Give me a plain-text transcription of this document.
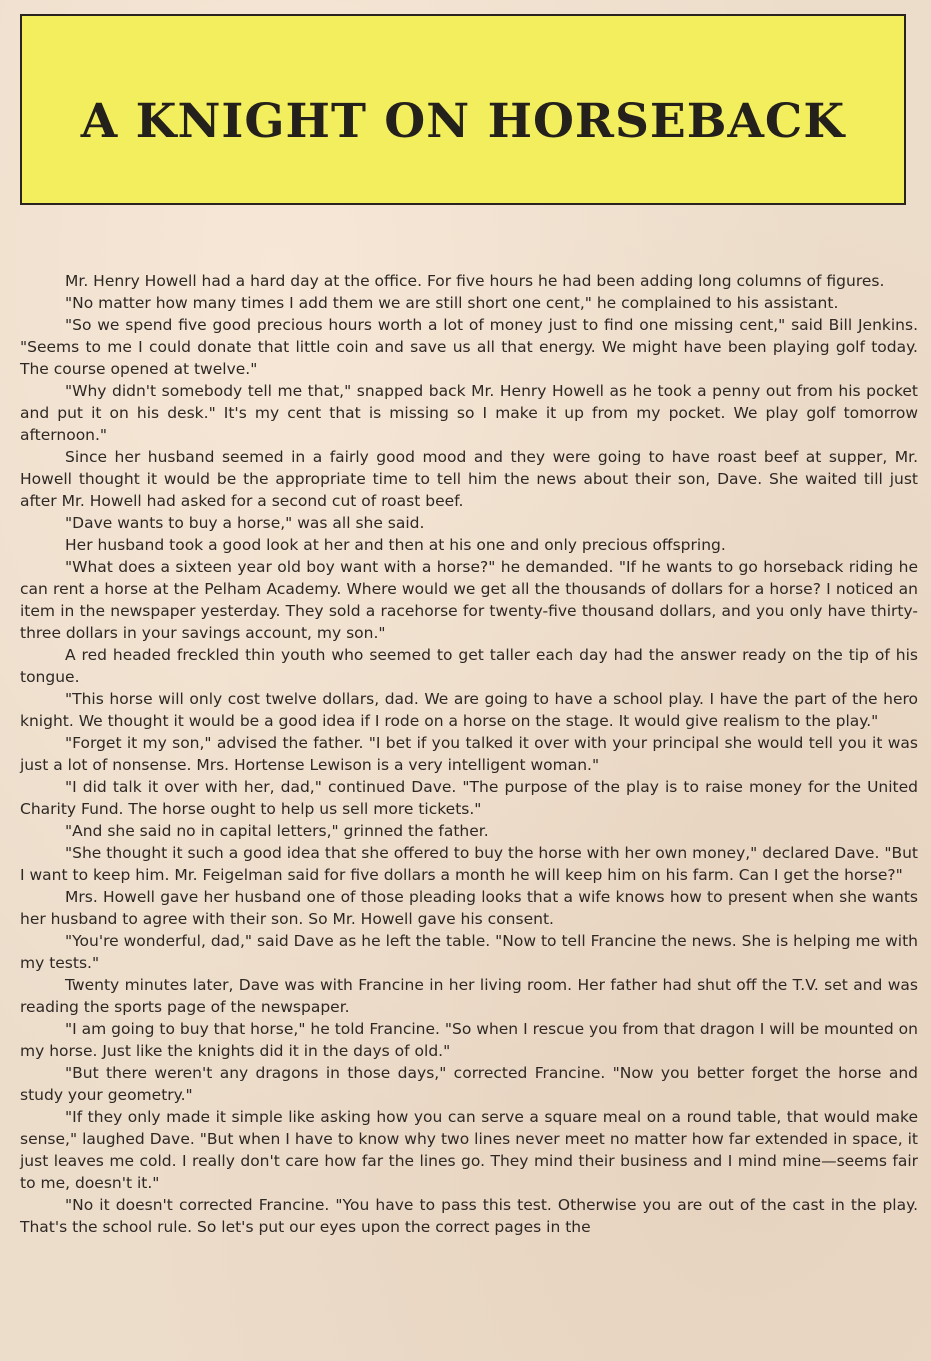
A KNIGHT ON HORSEBACK

Mr. Henry Howell had a hard day at the office. For five hours he had been adding long columns of figures.

"No matter how many times I add them we are still short one cent," he complained to his assistant.

"So we spend five good precious hours worth a lot of money just to find one missing cent," said Bill Jenkins. "Seems to me I could donate that little coin and save us all that energy. We might have been playing golf today. The course opened at twelve."

"Why didn't somebody tell me that," snapped back Mr. Henry Howell as he took a penny out from his pocket and put it on his desk." It's my cent that is missing so I make it up from my pocket. We play golf tomorrow afternoon."

Since her husband seemed in a fairly good mood and they were going to have roast beef at supper, Mr. Howell thought it would be the appropriate time to tell him the news about their son, Dave. She waited till just after Mr. Howell had asked for a second cut of roast beef.

"Dave wants to buy a horse," was all she said.

Her husband took a good look at her and then at his one and only precious offspring.

"What does a sixteen year old boy want with a horse?" he demanded. "If he wants to go horseback riding he can rent a horse at the Pelham Academy. Where would we get all the thousands of dollars for a horse? I noticed an item in the newspaper yesterday. They sold a racehorse for twenty-five thousand dollars, and you only have thirty-three dollars in your savings account, my son."

A red headed freckled thin youth who seemed to get taller each day had the answer ready on the tip of his tongue.

"This horse will only cost twelve dollars, dad. We are going to have a school play. I have the part of the hero knight. We thought it would be a good idea if I rode on a horse on the stage. It would give realism to the play."

"Forget it my son," advised the father. "I bet if you talked it over with your principal she would tell you it was just a lot of nonsense. Mrs. Hortense Lewison is a very intelligent woman."

"I did talk it over with her, dad," continued Dave. "The purpose of the play is to raise money for the United Charity Fund. The horse ought to help us sell more tickets."

"And she said no in capital letters," grinned the father.

"She thought it such a good idea that she offered to buy the horse with her own money," declared Dave. "But I want to keep him. Mr. Feigelman said for five dollars a month he will keep him on his farm. Can I get the horse?"

Mrs. Howell gave her husband one of those pleading looks that a wife knows how to present when she wants her husband to agree with their son. So Mr. Howell gave his consent.

"You're wonderful, dad," said Dave as he left the table. "Now to tell Francine the news. She is helping me with my tests."

Twenty minutes later, Dave was with Francine in her living room. Her father had shut off the T.V. set and was reading the sports page of the newspaper.

"I am going to buy that horse," he told Francine. "So when I rescue you from that dragon I will be mounted on my horse. Just like the knights did it in the days of old."

"But there weren't any dragons in those days," corrected Francine. "Now you better forget the horse and study your geometry."

"If they only made it simple like asking how you can serve a square meal on a round table, that would make sense," laughed Dave. "But when I have to know why two lines never meet no matter how far extended in space, it just leaves me cold. I really don't care how far the lines go. They mind their business and I mind mine—seems fair to me, doesn't it."

"No it doesn't corrected Francine. "You have to pass this test. Otherwise you are out of the cast in the play. That's the school rule. So let's put our eyes upon the correct pages in the
